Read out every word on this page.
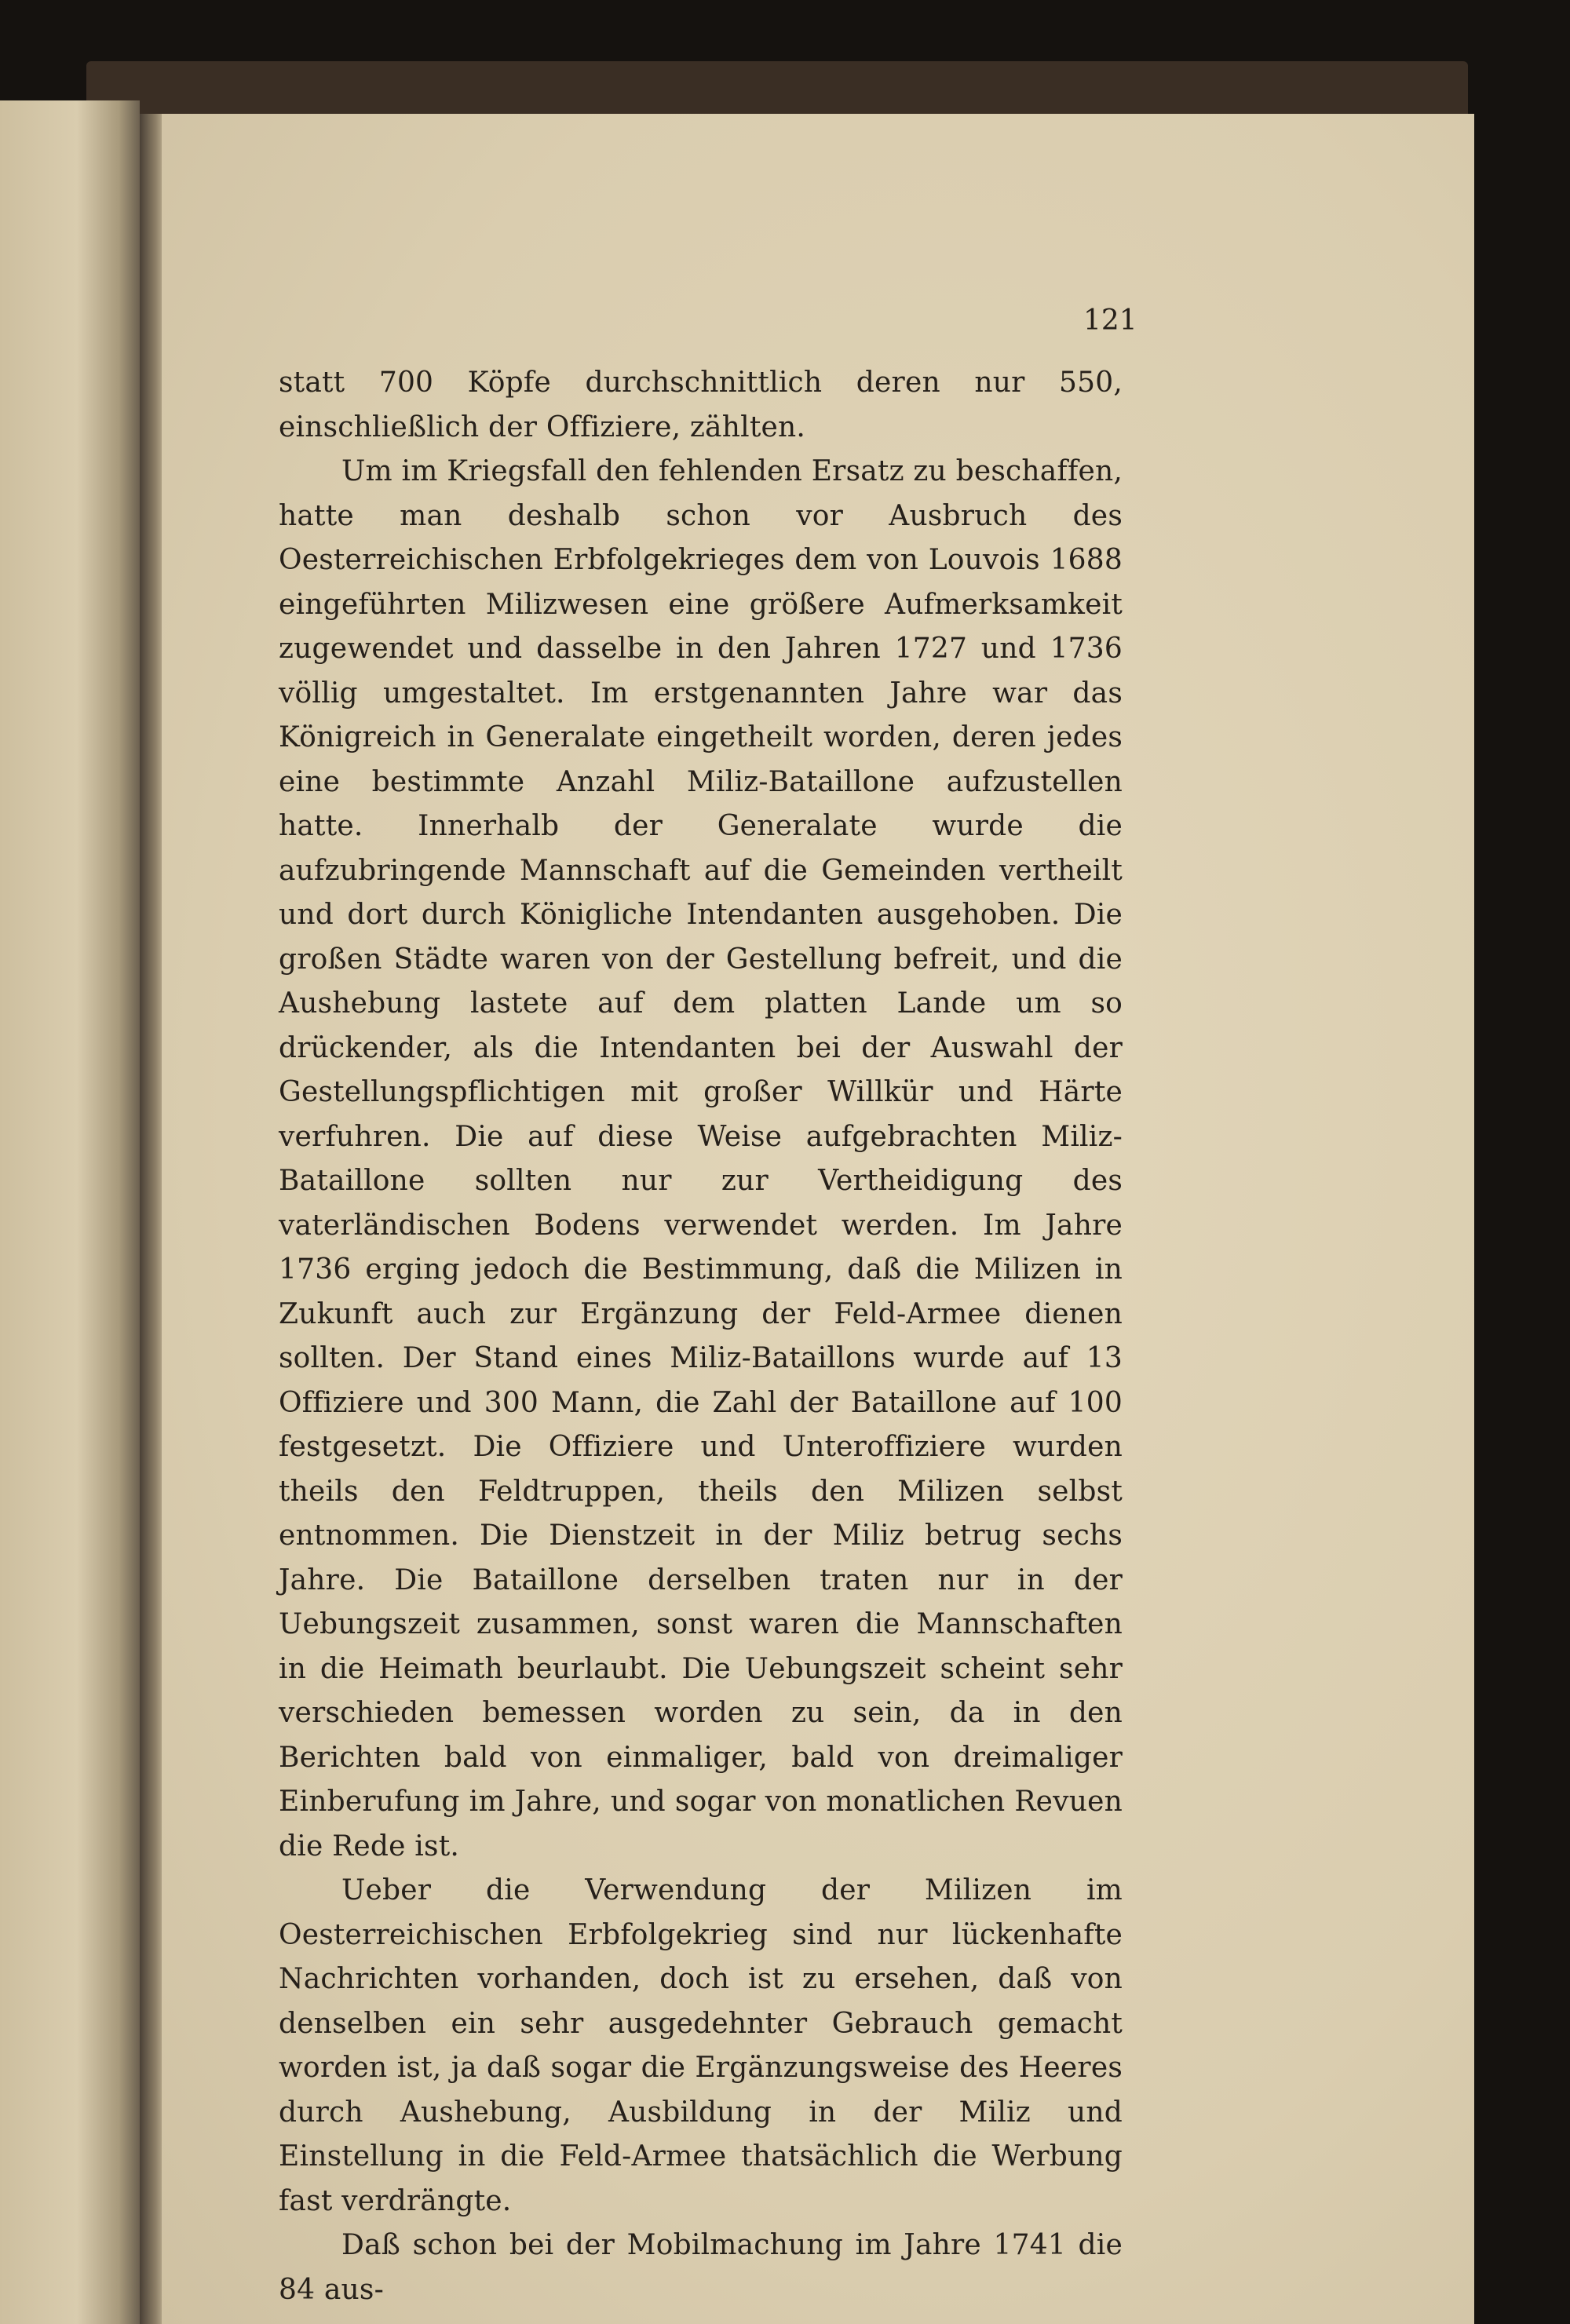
121

statt 700 Köpfe durchschnittlich deren nur 550, einschließlich der Offiziere, zählten.

Um im Kriegsfall den fehlenden Ersatz zu beschaffen, hatte man deshalb schon vor Ausbruch des Oesterreichischen Erbfolgekrieges dem von Louvois 1688 eingeführten Milizwesen eine größere Aufmerksamkeit zugewendet und dasselbe in den Jahren 1727 und 1736 völlig umgestaltet. Im erstgenannten Jahre war das Königreich in Generalate eingetheilt worden, deren jedes eine bestimmte Anzahl Miliz-Bataillone aufzustellen hatte. Innerhalb der Generalate wurde die aufzubringende Mannschaft auf die Gemeinden vertheilt und dort durch Königliche Intendanten ausgehoben. Die großen Städte waren von der Gestellung befreit, und die Aushebung lastete auf dem platten Lande um so drückender, als die Intendanten bei der Auswahl der Gestellungspflichtigen mit großer Willkür und Härte verfuhren. Die auf diese Weise aufgebrachten Miliz-Bataillone sollten nur zur Vertheidigung des vaterländischen Bodens verwendet werden. Im Jahre 1736 erging jedoch die Bestimmung, daß die Milizen in Zukunft auch zur Ergänzung der Feld-Armee dienen sollten. Der Stand eines Miliz-Bataillons wurde auf 13 Offiziere und 300 Mann, die Zahl der Bataillone auf 100 festgesetzt. Die Offiziere und Unteroffiziere wurden theils den Feldtruppen, theils den Milizen selbst entnommen. Die Dienstzeit in der Miliz betrug sechs Jahre. Die Bataillone derselben traten nur in der Uebungszeit zusammen, sonst waren die Mannschaften in die Heimath beurlaubt. Die Uebungszeit scheint sehr verschieden bemessen worden zu sein, da in den Berichten bald von einmaliger, bald von dreimaliger Einberufung im Jahre, und sogar von monatlichen Revuen die Rede ist.

Ueber die Verwendung der Milizen im Oesterreichischen Erbfolgekrieg sind nur lückenhafte Nachrichten vorhanden, doch ist zu ersehen, daß von denselben ein sehr ausgedehnter Gebrauch gemacht worden ist, ja daß sogar die Ergänzungsweise des Heeres durch Aushebung, Ausbildung in der Miliz und Einstellung in die Feld-Armee thatsächlich die Werbung fast verdrängte.

Daß schon bei der Mobilmachung im Jahre 1741 die 84 aus-
